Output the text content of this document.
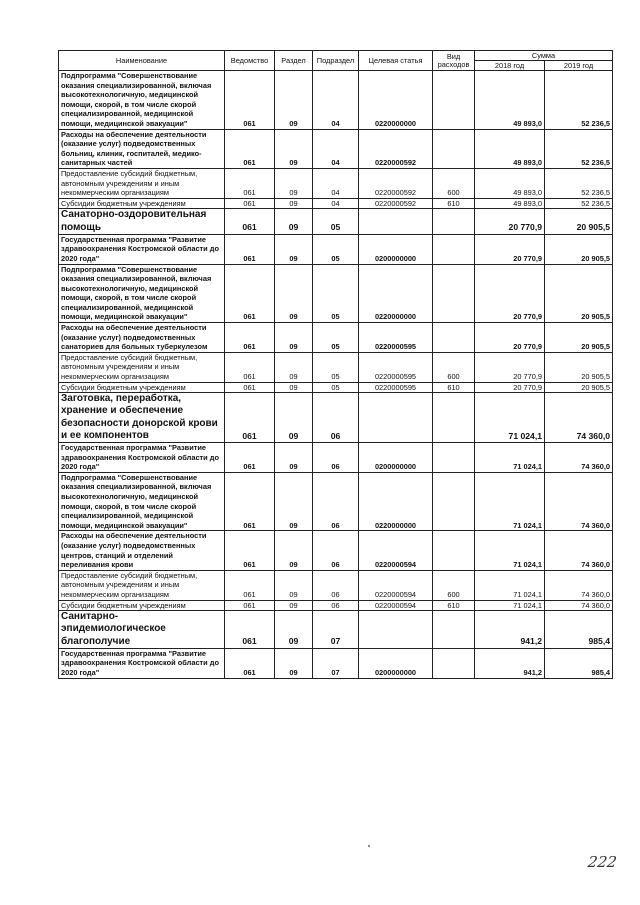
Наименование	Ведомство	Раздел	Подраздел	Целевая статья	Вид расходов	Сумма	
						2018 год	2019 год
Подпрограмма "Совершенствование оказания специализированной, включая высокотехнологичную, медицинской помощи, скорой, в том числе скорой специализированной, медицинской помощи, медицинской эвакуации"	061	09	04	0220000000		49 893,0	52 236,5
Расходы на обеспечение деятельности (оказание услуг) подведомственных больниц, клиник, госпиталей, медико-санитарных частей	061	09	04	0220000592		49 893,0	52 236,5
Предоставление субсидий бюджетным, автономным учреждениям и иным некоммерческим организациям	061	09	04	0220000592	600	49 893,0	52 236,5
Субсидии бюджетным учреждениям	061	09	04	0220000592	610	49 893,0	52 236,5
Санаторно-оздоровительная помощь	061	09	05			20 770,9	20 905,5
Государственная программа "Развитие здравоохранения Костромской области до 2020 года"	061	09	05	0200000000		20 770,9	20 905,5
Подпрограмма "Совершенствование оказания специализированной, включая высокотехнологичную, медицинской помощи, скорой, в том числе скорой специализированной, медицинской помощи, медицинской эвакуации"	061	09	05	0220000000		20 770,9	20 905,5
Расходы на обеспечение деятельности (оказание услуг) подведомственных санаториев для больных туберкулезом	061	09	05	0220000595		20 770,9	20 905,5
Предоставление субсидий бюджетным, автономным учреждениям и иным некоммерческим организациям	061	09	05	0220000595	600	20 770,9	20 905,5
Субсидии бюджетным учреждениям	061	09	05	0220000595	610	20 770,9	20 905,5
Заготовка, переработка, хранение и обеспечение безопасности донорской крови и ее компонентов	061	09	06			71 024,1	74 360,0
Государственная программа "Развитие здравоохранения Костромской области до 2020 года"	061	09	06	0200000000		71 024,1	74 360,0
Подпрограмма "Совершенствование оказания специализированной, включая высокотехнологичную, медицинской помощи, скорой, в том числе скорой специализированной, медицинской помощи, медицинской эвакуации"	061	09	06	0220000000		71 024,1	74 360,0
Расходы на обеспечение деятельности (оказание услуг) подведомственных центров, станций и отделений переливания крови	061	09	06	0220000594		71 024,1	74 360,0
Предоставление субсидий бюджетным, автономным учреждениям и иным некоммерческим организациям	061	09	06	0220000594	600	71 024,1	74 360,0
Субсидии бюджетным учреждениям	061	09	06	0220000594	610	71 024,1	74 360,0
Санитарно-эпидемиологическое благополучие	061	09	07			941,2	985,4
Государственная программа "Развитие здравоохранения Костромской области до 2020 года"	061	09	07	0200000000		941,2	985,4
222
